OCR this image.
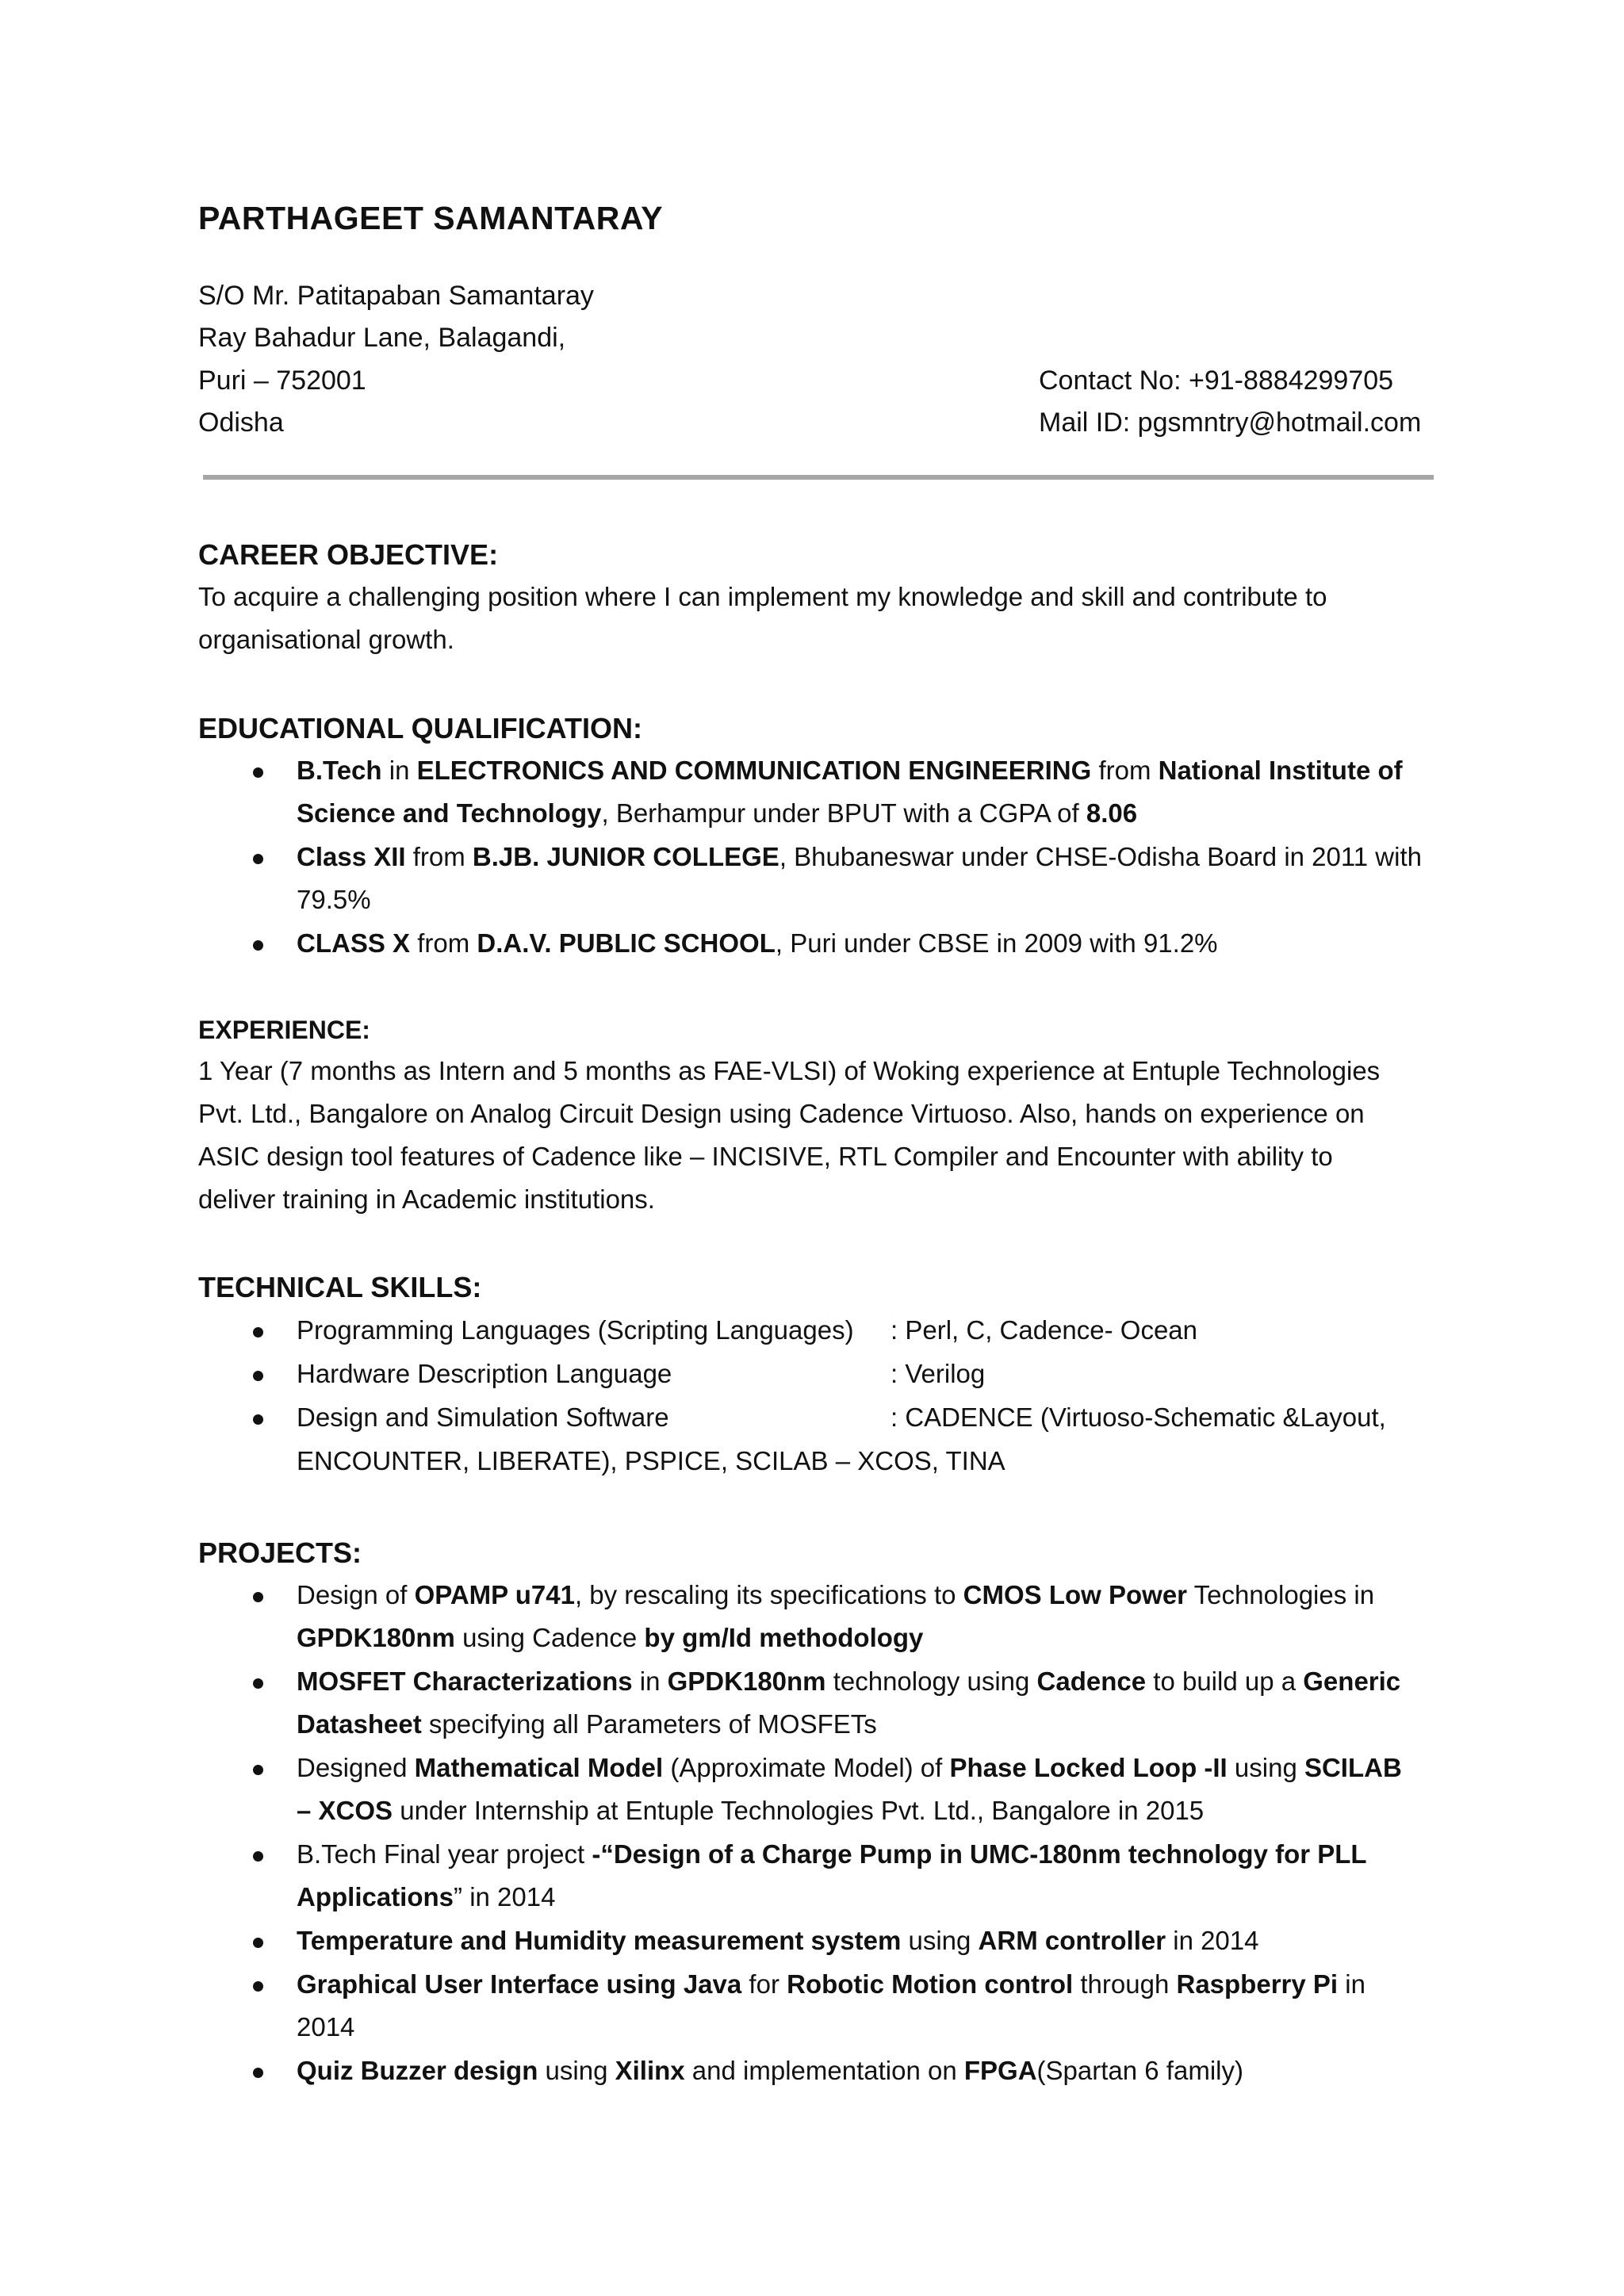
PARTHAGEET SAMANTARAY

S/O Mr. Patitapaban Samantaray

Ray Bahadur Lane, Balagandi,

Puri – 752001

Odisha

Contact No: +91-8884299705

Mail ID: pgsmntry@hotmail.com

CAREER OBJECTIVE:

To acquire a challenging position where I can implement my knowledge and skill and contribute to

organisational growth.

EDUCATIONAL QUALIFICATION:

B.Tech in ELECTRONICS AND COMMUNICATION ENGINEERING from National Institute of

Science and Technology, Berhampur under BPUT with a CGPA of 8.06

Class XII from B.JB. JUNIOR COLLEGE, Bhubaneswar under CHSE-Odisha Board in 2011 with

79.5%

CLASS X from D.A.V. PUBLIC SCHOOL, Puri under CBSE in 2009 with 91.2%

EXPERIENCE:

1 Year (7 months as Intern and 5 months as FAE-VLSI) of Woking experience at Entuple Technologies

Pvt. Ltd., Bangalore on Analog Circuit Design using Cadence Virtuoso. Also, hands on experience on

ASIC design tool features of Cadence like – INCISIVE, RTL Compiler and Encounter with ability to

deliver training in Academic institutions.

TECHNICAL SKILLS:

Programming Languages (Scripting Languages) : Perl, C, Cadence- Ocean

Hardware Description Language	: Verilog

Design and Simulation Software	: CADENCE (Virtuoso-Schematic &Layout,

ENCOUNTER, LIBERATE), PSPICE, SCILAB – XCOS, TINA

PROJECTS:

Design of OPAMP u741, by rescaling its specifications to CMOS Low Power Technologies in

GPDK180nm using Cadence by gm/Id methodology

MOSFET Characterizations in GPDK180nm technology using Cadence to build up a Generic

Datasheet specifying all Parameters of MOSFETs

Designed Mathematical Model (Approximate Model) of Phase Locked Loop -II using SCILAB

– XCOS under Internship at Entuple Technologies Pvt. Ltd., Bangalore in 2015

B.Tech Final year project -“Design of a Charge Pump in UMC-180nm technology for PLL

Applications” in 2014

Temperature and Humidity measurement system using ARM controller in 2014

Graphical User Interface using Java for Robotic Motion control through Raspberry Pi in

2014

Quiz Buzzer design using Xilinx and implementation on FPGA(Spartan 6 family)
